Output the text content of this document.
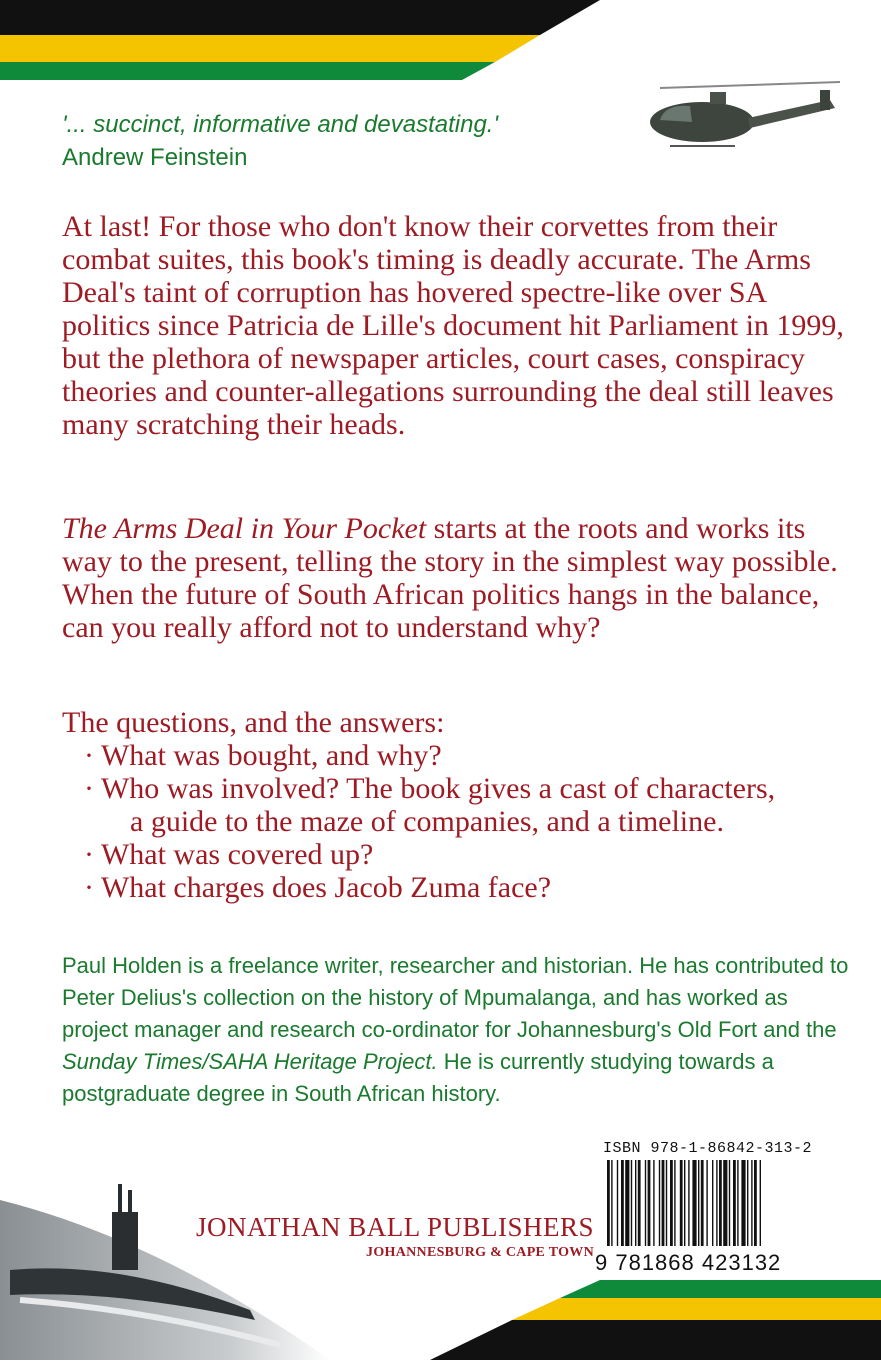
'... succinct, informative and devastating.'
Andrew Feinstein

At last! For those who don't know their corvettes from their combat suites, this book's timing is deadly accurate. The Arms Deal's taint of corruption has hovered spectre-like over SA politics since Patricia de Lille's document hit Parliament in 1999, but the plethora of newspaper articles, court cases, conspiracy theories and counter-allegations surrounding the deal still leaves many scratching their heads.

The Arms Deal in Your Pocket starts at the roots and works its way to the present, telling the story in the simplest way possible. When the future of South African politics hangs in the balance, can you really afford not to understand why?

The questions, and the answers:
· What was bought, and why?
· Who was involved? The book gives a cast of characters,
a guide to the maze of companies, and a timeline.
· What was covered up?
· What charges does Jacob Zuma face?

Paul Holden is a freelance writer, researcher and historian. He has contributed to Peter Delius's collection on the history of Mpumalanga, and has worked as project manager and research co-ordinator for Johannesburg's Old Fort and the Sunday Times/SAHA Heritage Project. He is currently studying towards a postgraduate degree in South African history.

JONATHAN BALL PUBLISHERS
JOHANNESBURG & CAPE TOWN
ISBN 978-1-86842-313-2
9 781868 423132
